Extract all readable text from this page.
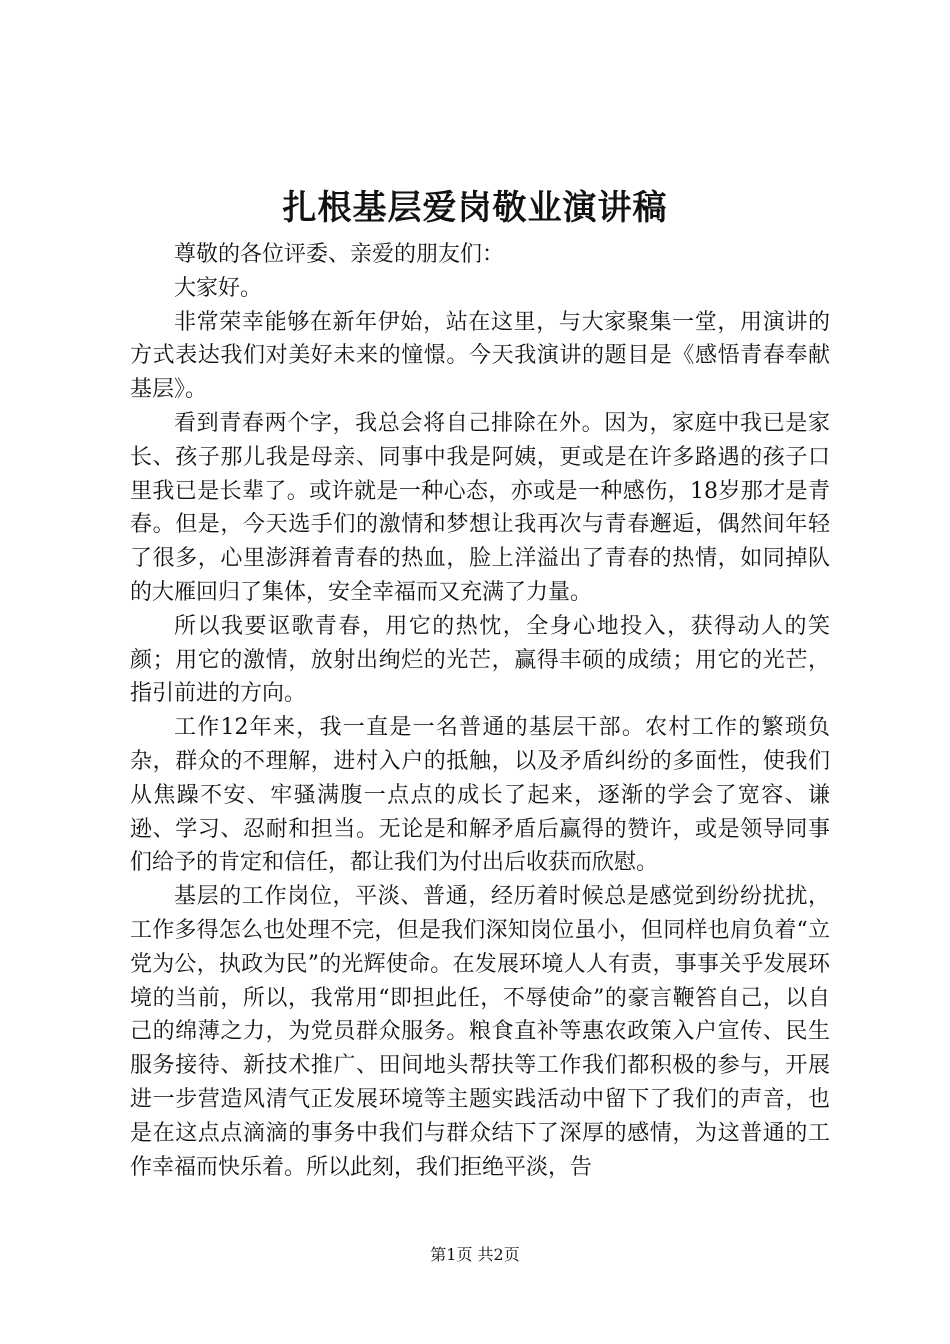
扎根基层爱岗敬业演讲稿

尊敬的各位评委、亲爱的朋友们：

大家好。

非常荣幸能够在新年伊始，站在这里，与大家聚集一堂，用演讲的方式表达我们对美好未来的憧憬。今天我演讲的题目是《感悟青春奉献基层》。

看到青春两个字，我总会将自己排除在外。因为，家庭中我已是家长、孩子那儿我是母亲、同事中我是阿姨，更或是在许多路遇的孩子口里我已是长辈了。或许就是一种心态，亦或是一种感伤，18岁那才是青春。但是，今天选手们的激情和梦想让我再次与青春邂逅，偶然间年轻了很多，心里澎湃着青春的热血，脸上洋溢出了青春的热情，如同掉队的大雁回归了集体，安全幸福而又充满了力量。

所以我要讴歌青春，用它的热忱，全身心地投入，获得动人的笑颜；用它的激情，放射出绚烂的光芒，赢得丰硕的成绩；用它的光芒，指引前进的方向。

工作12年来，我一直是一名普通的基层干部。农村工作的繁琐负杂，群众的不理解，进村入户的抵触，以及矛盾纠纷的多面性，使我们从焦躁不安、牢骚满腹一点点的成长了起来，逐渐的学会了宽容、谦逊、学习、忍耐和担当。无论是和解矛盾后赢得的赞许，或是领导同事们给予的肯定和信任，都让我们为付出后收获而欣慰。

基层的工作岗位，平淡、普通，经历着时候总是感觉到纷纷扰扰，工作多得怎么也处理不完，但是我们深知岗位虽小，但同样也肩负着“立党为公，执政为民”的光辉使命。在发展环境人人有责，事事关乎发展环境的当前，所以，我常用“即担此任，不辱使命”的豪言鞭笞自己，以自己的绵薄之力，为党员群众服务。粮食直补等惠农政策入户宣传、民生服务接待、新技术推广、田间地头帮扶等工作我们都积极的参与，开展进一步营造风清气正发展环境等主题实践活动中留下了我们的声音，也是在这点点滴滴的事务中我们与群众结下了深厚的感情，为这普通的工作幸福而快乐着。所以此刻，我们拒绝平淡，告

第1页 共2页
